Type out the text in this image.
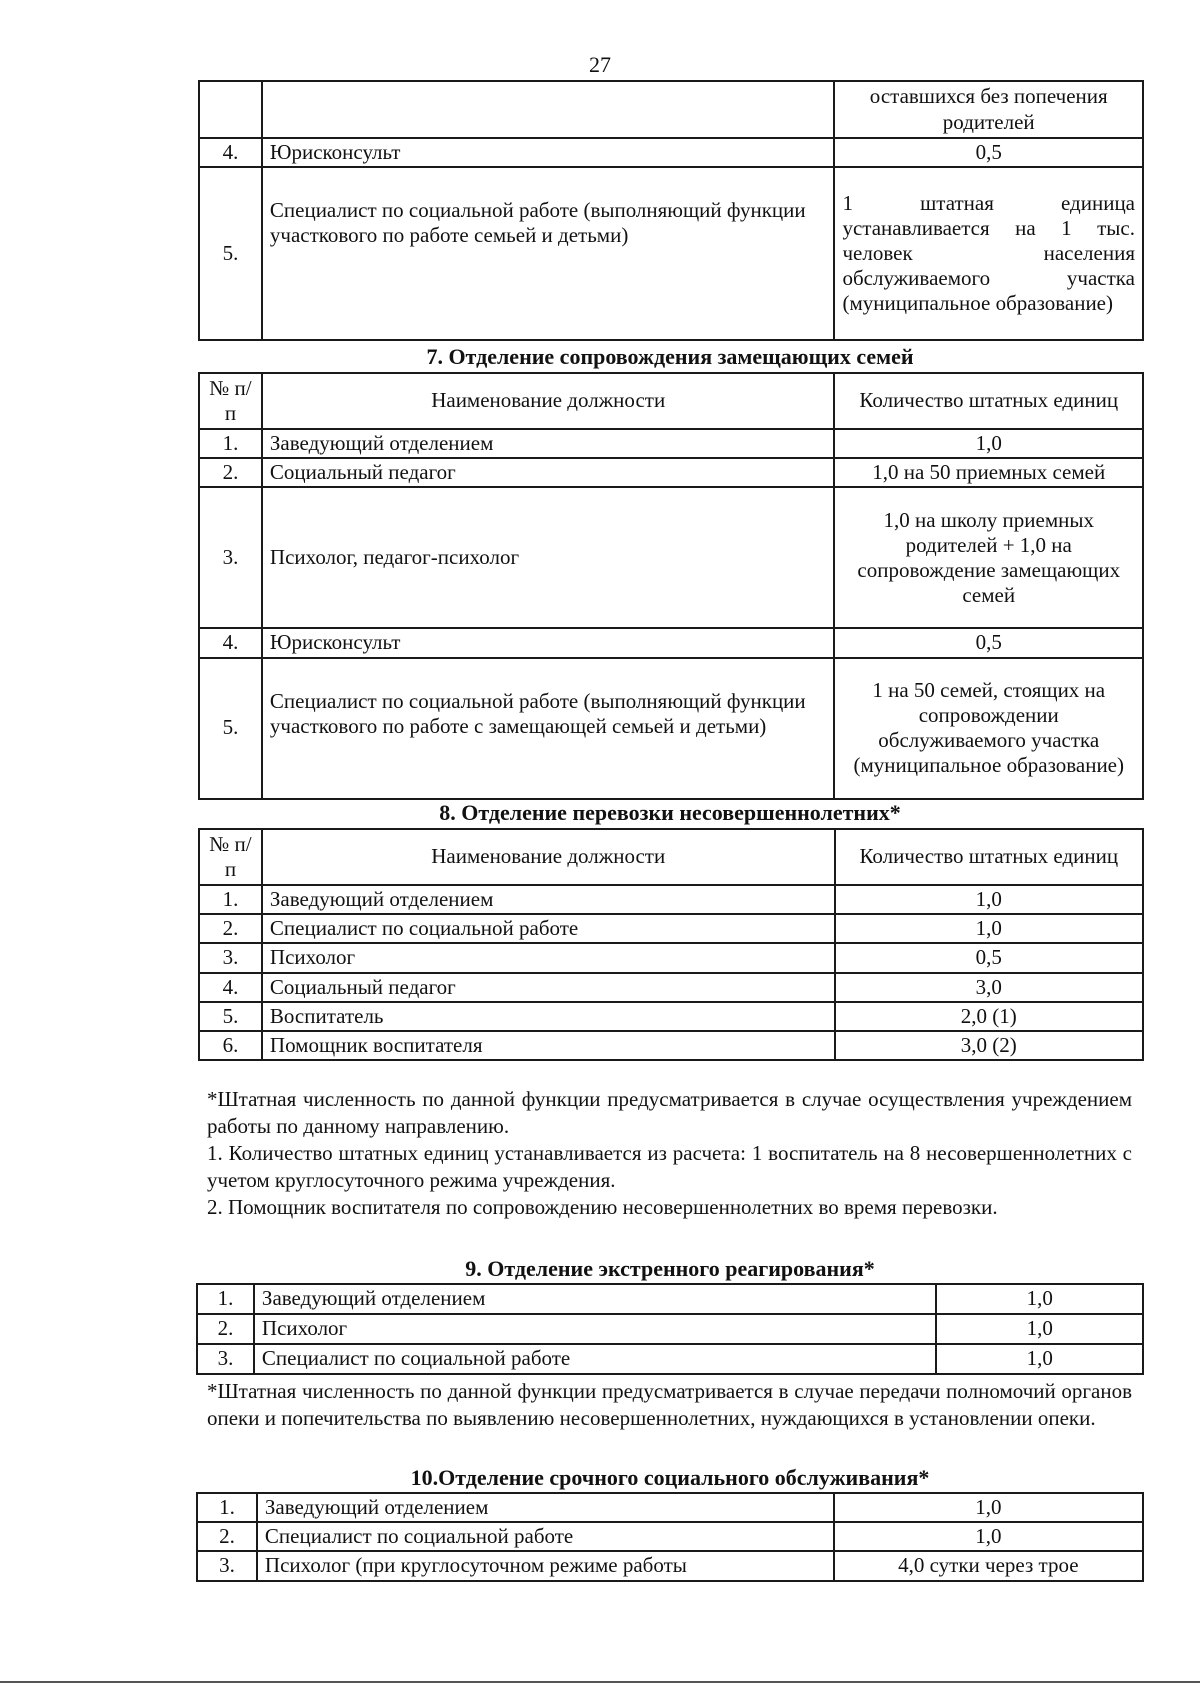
27
		оставшихся без попечения родителей
4.	Юрисконсульт	0,5
5.	Специалист по социальной работе (выполняющий функции участкового по работе семьей и детьми)	1 штатная единица устанавливается на 1 тыс. человек населения обслуживаемого участка (муниципальное образование)
7. Отделение сопровождения замещающих семей
№ п/п	Наименование должности	Количество штатных единиц
1.	Заведующий отделением	1,0
2.	Социальный педагог	1,0 на 50 приемных семей
3.	Психолог, педагог-психолог	1,0 на школу приемных родителей + 1,0 на сопровождение замещающих семей
4.	Юрисконсульт	0,5
5.	Специалист по социальной работе (выполняющий функции участкового по работе с замещающей семьей и детьми)	1 на 50 семей, стоящих на сопровождении обслуживаемого участка (муниципальное образование)
8. Отделение перевозки несовершеннолетних*
№ п/п	Наименование должности	Количество штатных единиц
1.	Заведующий отделением	1,0
2.	Специалист по социальной работе	1,0
3.	Психолог	0,5
4.	Социальный педагог	3,0
5.	Воспитатель	2,0 (1)
6.	Помощник воспитателя	3,0 (2)

*Штатная численность по данной функции предусматривается в случае осуществления учреждением работы по данному направлению.

1. Количество штатных единиц устанавливается из расчета: 1 воспитатель на 8 несовершеннолетних с учетом круглосуточного режима учреждения.

2. Помощник воспитателя по сопровождению несовершеннолетних во время перевозки.

9. Отделение экстренного реагирования*
1.	Заведующий отделением	1,0
2.	Психолог	1,0
3.	Специалист по социальной работе	1,0

*Штатная численность по данной функции предусматривается в случае передачи полномочий органов опеки и попечительства по выявлению несовершеннолетних, нуждающихся в установлении опеки.

10.Отделение срочного социального обслуживания*
1.	Заведующий отделением	1,0
2.	Специалист по социальной работе	1,0
3.	Психолог (при круглосуточном режиме работы	4,0 сутки через трое
